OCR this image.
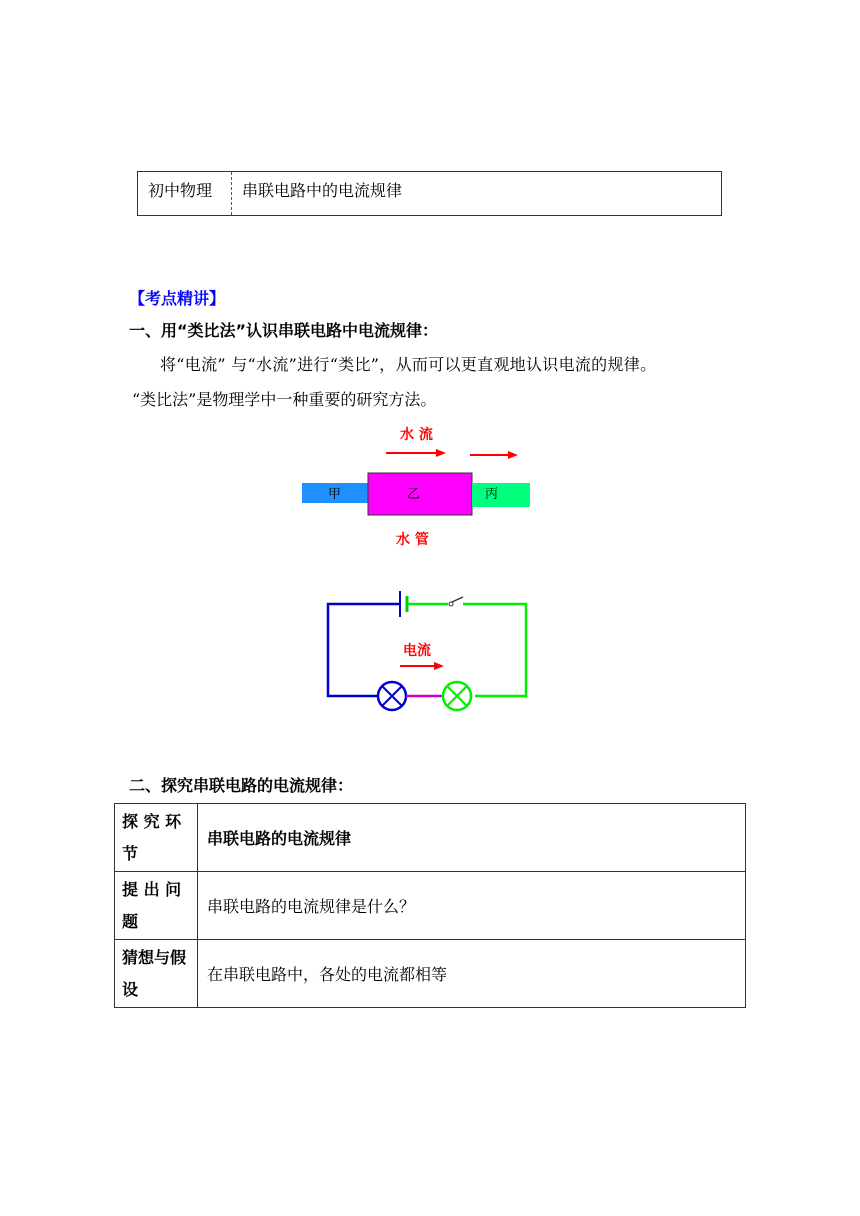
初中物理	串联电路中的电流规律
【考点精讲】
一、用“类比法”认识串联电路中电流规律：
将“电流” 与“水流”进行“类比”，从而可以更直观地认识电流的规律。
“类比法”是物理学中一种重要的研究方法。
水 流
甲	乙	丙
水 管
电流
二、探究串联电路的电流规律：
探 究 环 节	串联电路的电流规律
提 出 问 题	串联电路的电流规律是什么？
猜想与假设	在串联电路中，各处的电流都相等
